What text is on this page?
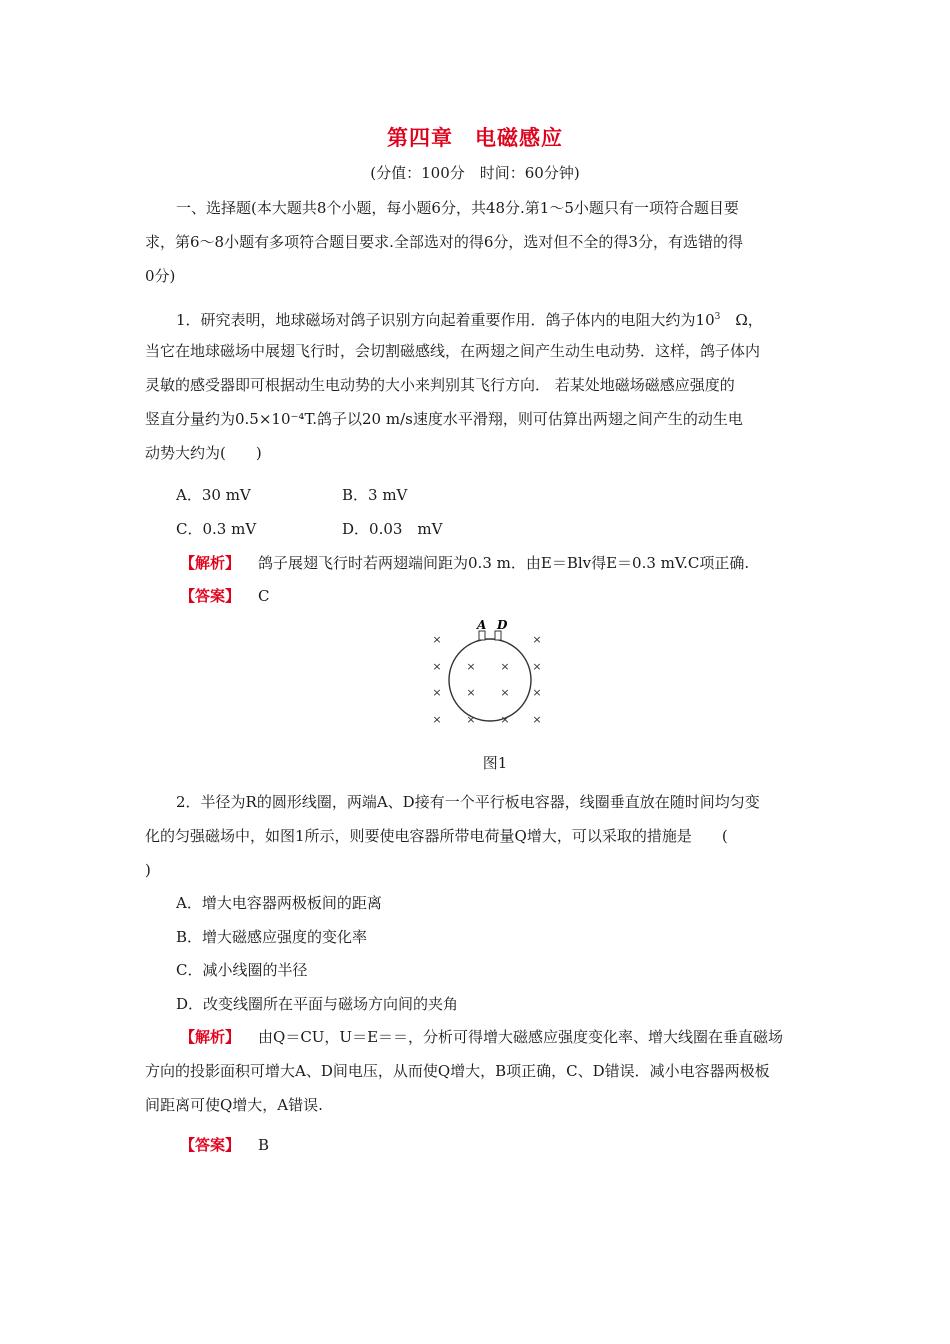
第四章　电磁感应
(分值：100分　时间：60分钟)
一、选择题(本大题共8个小题，每小题6分，共48分.第1～5小题只有一项符合题目要
求，第6～8小题有多项符合题目要求.全部选对的得6分，选对但不全的得3分，有选错的得
0分)
1．研究表明，地球磁场对鸽子识别方向起着重要作用．鸽子体内的电阻大约为$10^3$　Ω，
当它在地球磁场中展翅飞行时，会切割磁感线，在两翅之间产生动生电动势．这样，鸽子体内
灵敏的感受器即可根据动生电动势的大小来判别其飞行方向． 若某处地磁场磁感应强度的
竖直分量约为0.5×10⁻⁴T.鸽子以20 m/s速度水平滑翔，则可估算出两翅之间产生的动生电
动势大约为(　　)
A．30 mV	B．3 mV
C．0.3 mV	D．0.03　mV
【解析】 鸽子展翅飞行时若两翅端间距为0.3 m．由E＝Blv得E＝0.3 mV.C项正确.
【答案】 C
A D
×	×
× × × ×
× × × ×
× × × ×
图1
2．半径为R的圆形线圈，两端A、D接有一个平行板电容器，线圈垂直放在随时间均匀变
化的匀强磁场中，如图1所示，则要使电容器所带电荷量Q增大，可以采取的措施是　　(
)
A．增大电容器两极板间的距离
B．增大磁感应强度的变化率
C．减小线圈的半径
D．改变线圈所在平面与磁场方向间的夹角
【解析】 由Q＝CU，U＝E＝＝，分析可得增大磁感应强度变化率、增大线圈在垂直磁场
方向的投影面积可增大A、D间电压，从而使Q增大，B项正确，C、D错误．减小电容器两极板
间距离可使Q增大，A错误.
【答案】 B
